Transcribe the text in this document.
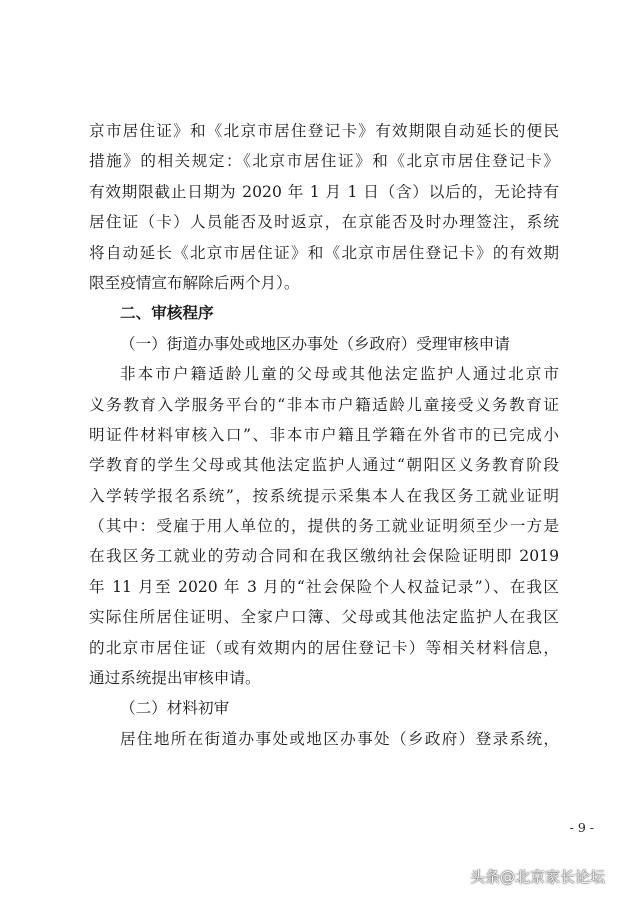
京市居住证》和《北京市居住登记卡》有效期限自动延长的便民
措施》的相关规定：《北京市居住证》和《北京市居住登记卡》
有效期限截止日期为 2020 年 1 月 1 日（含）以后的，无论持有
居住证（卡）人员能否及时返京，在京能否及时办理签注，系统
将自动延长《北京市居住证》和《北京市居住登记卡》的有效期
限至疫情宣布解除后两个月）。
二、审核程序
（一）街道办事处或地区办事处（乡政府）受理审核申请
非本市户籍适龄儿童的父母或其他法定监护人通过北京市
义务教育入学服务平台的“非本市户籍适龄儿童接受义务教育证
明证件材料审核入口”、非本市户籍且学籍在外省市的已完成小
学教育的学生父母或其他法定监护人通过“朝阳区义务教育阶段
入学转学报名系统”，按系统提示采集本人在我区务工就业证明
（其中：受雇于用人单位的，提供的务工就业证明须至少一方是
在我区务工就业的劳动合同和在我区缴纳社会保险证明即 2019
年 11 月至 2020 年 3 月的“社会保险个人权益记录”）、在我区
实际住所居住证明、全家户口簿、父母或其他法定监护人在我区
的北京市居住证（或有效期内的居住登记卡）等相关材料信息，
通过系统提出审核申请。
（二）材料初审
居住地所在街道办事处或地区办事处（乡政府）登录系统，
- 9 -
头条 @北京家长论坛
